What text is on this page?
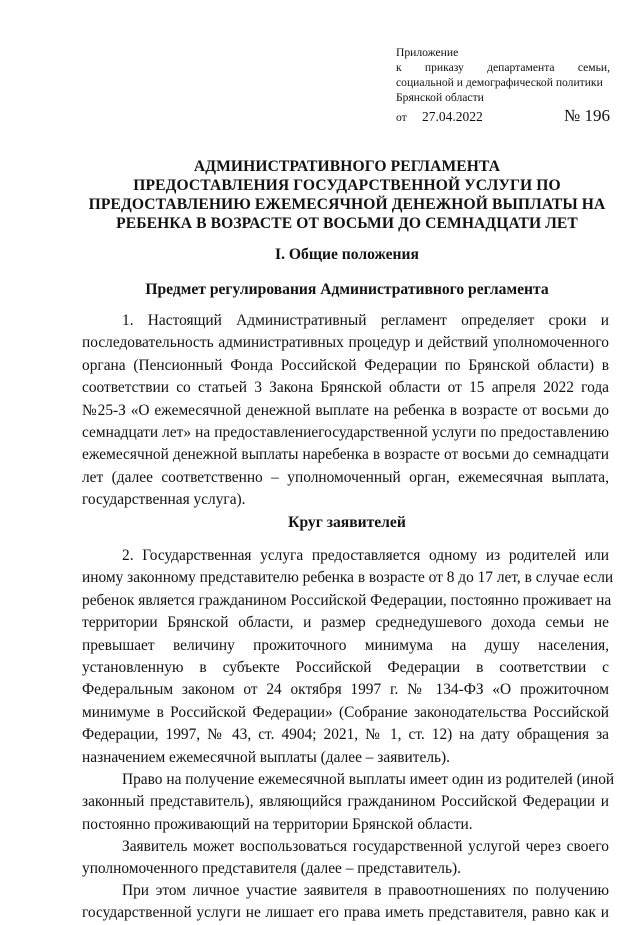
Приложение
к приказу департамента семьи,
социальной и демографической политики
Брянской области
от	27.04.2022	№ 196
АДМИНИСТРАТИВНОГО РЕГЛАМЕНТА
ПРЕДОСТАВЛЕНИЯ ГОСУДАРСТВЕННОЙ УСЛУГИ ПО
ПРЕДОСТАВЛЕНИЮ ЕЖЕМЕСЯЧНОЙ ДЕНЕЖНОЙ ВЫПЛАТЫ НА
РЕБЕНКА В ВОЗРАСТЕ ОТ ВОСЬМИ ДО СЕМНАДЦАТИ ЛЕТ
I. Общие положения
Предмет регулирования Административного регламента
1. Настоящий Административный регламент определяет сроки и
последовательность административных процедур и действий уполномоченного
органа (Пенсионный Фонда Российской Федерации по Брянской области) в
соответствии со статьей 3 Закона Брянской области от 15 апреля 2022 года
№25-З «О ежемесячной денежной выплате на ребенка в возрасте от восьми до
семнадцати лет» на предоставлениегосударственной услуги по предоставлению
ежемесячной денежной выплаты наребенка в возрасте от восьми до семнадцати
лет (далее соответственно – уполномоченный орган, ежемесячная выплата,
государственная услуга).
Круг заявителей
2. Государственная услуга предоставляется одному из родителей или
иному законному представителю ребенка в возрасте от 8 до 17 лет, в случае если
ребенок является гражданином Российской Федерации, постоянно проживает на
территории Брянской области, и размер среднедушевого дохода семьи не
превышает величину прожиточного минимума на душу населения,
установленную в субъекте Российской Федерации в соответствии с
Федеральным законом от 24 октября 1997 г. № 134-ФЗ «О прожиточном
минимуме в Российской Федерации» (Собрание законодательства Российской
Федерации, 1997, № 43, ст. 4904; 2021, № 1, ст. 12) на дату обращения за
назначением ежемесячной выплаты (далее – заявитель).
Право на получение ежемесячной выплаты имеет один из родителей (иной
законный представитель), являющийся гражданином Российской Федерации и
постоянно проживающий на территории Брянской области.
Заявитель может воспользоваться государственной услугой через своего
уполномоченного представителя (далее – представитель).
При этом личное участие заявителя в правоотношениях по получению
государственной услуги не лишает его права иметь представителя, равно как и
